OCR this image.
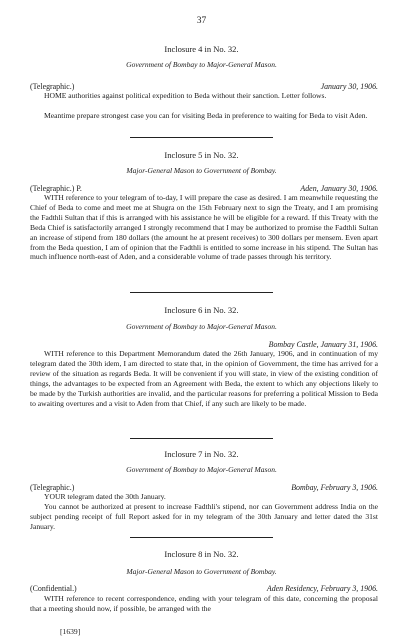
37
Inclosure 4 in No. 32.
Government of Bombay to Major-General Mason.
(Telegraphic.)	January 30, 1906.
HOME authorities against political expedition to Beda without their sanction. Letter follows.
Meantime prepare strongest case you can for visiting Beda in preference to waiting for Beda to visit Aden.
Inclosure 5 in No. 32.
Major-General Mason to Government of Bombay.
(Telegraphic.) P.	Aden, January 30, 1906.
WITH reference to your telegram of to-day, I will prepare the case as desired. I am meanwhile requesting the Chief of Beda to come and meet me at Shugra on the 15th February next to sign the Treaty, and I am promising the Fadthli Sultan that if this is arranged with his assistance he will be eligible for a reward. If this Treaty with the Beda Chief is satisfactorily arranged I strongly recommend that I may be authorized to promise the Fadthli Sultan an increase of stipend from 180 dollars (the amount he at present receives) to 300 dollars per mensem. Even apart from the Beda question, I am of opinion that the Fadthli is entitled to some increase in his stipend. The Sultan has much influence north-east of Aden, and a considerable volume of trade passes through his territory.
Inclosure 6 in No. 32.
Government of Bombay to Major-General Mason.
Bombay Castle, January 31, 1906.
WITH reference to this Department Memorandum dated the 26th January, 1906, and in continuation of my telegram dated the 30th idem, I am directed to state that, in the opinion of Government, the time has arrived for a review of the situation as regards Beda. It will be convenient if you will state, in view of the existing condition of things, the advantages to be expected from an Agreement with Beda, the extent to which any objections likely to be made by the Turkish authorities are invalid, and the particular reasons for preferring a political Mission to Beda to awaiting overtures and a visit to Aden from that Chief, if any such are likely to be made.
Inclosure 7 in No. 32.
Government of Bombay to Major-General Mason.
(Telegraphic.)	Bombay, February 3, 1906.
YOUR telegram dated the 30th January.
You cannot be authorized at present to increase Fadthli's stipend, nor can Government address India on the subject pending receipt of full Report asked for in my telegram of the 30th January and letter dated the 31st January.
Inclosure 8 in No. 32.
Major-General Mason to Government of Bombay.
(Confidential.)	Aden Residency, February 3, 1906.
WITH reference to recent correspondence, ending with your telegram of this date, concerning the proposal that a meeting should now, if possible, be arranged with the
[1639]
